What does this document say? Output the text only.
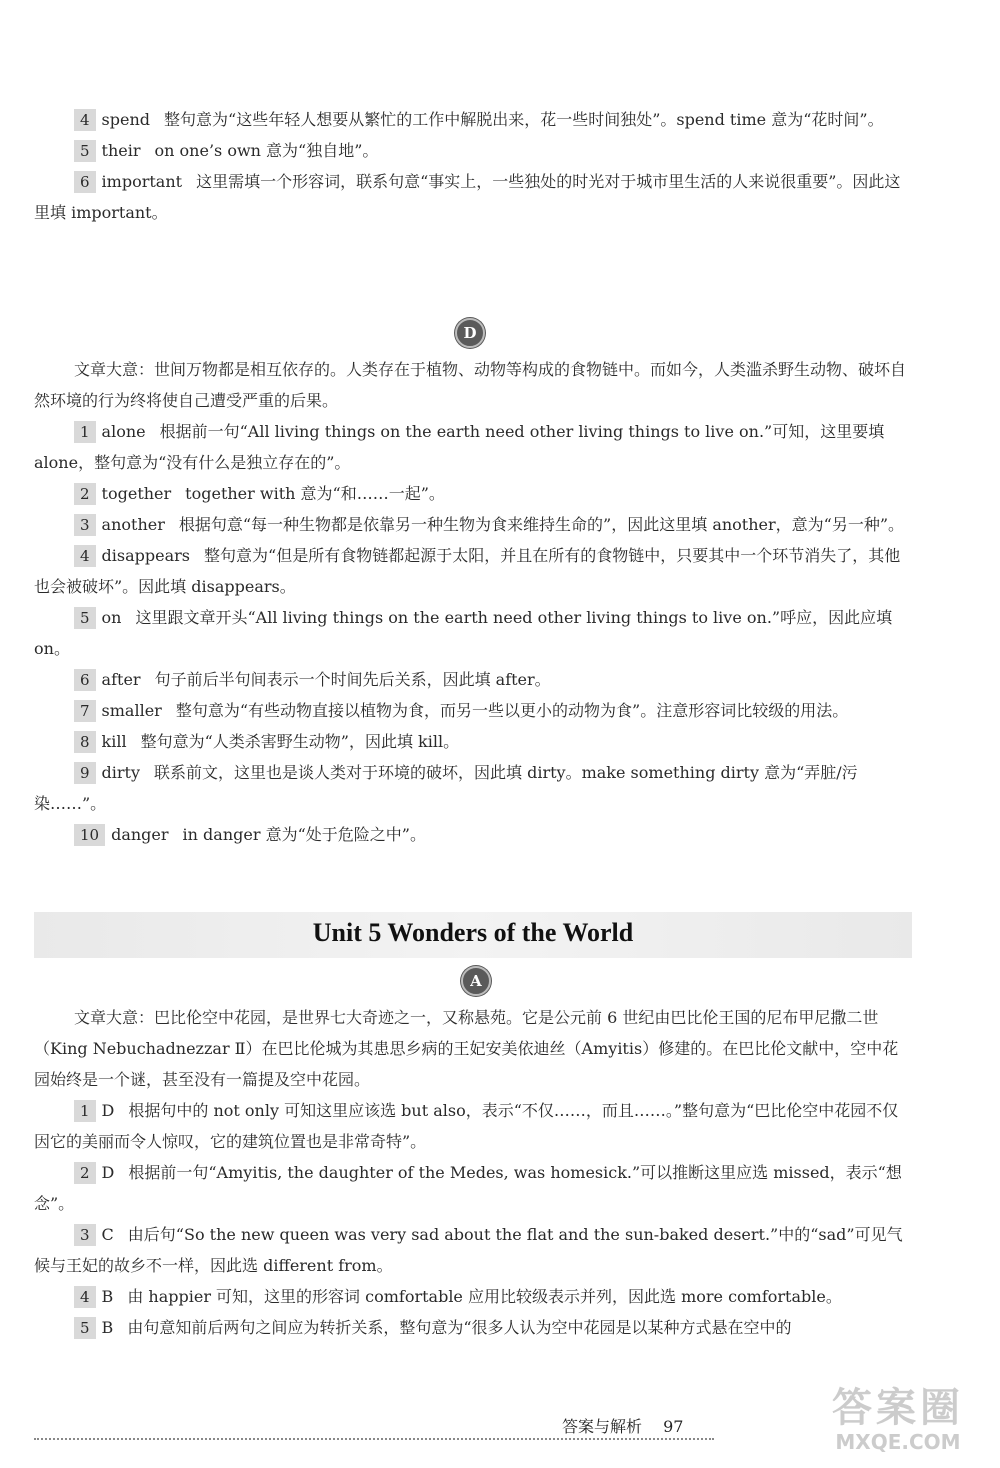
4 spend 整句意为“这些年轻人想要从繁忙的工作中解脱出来，花一些时间独处”。spend time 意为“花时间”。

5 their on one’s own 意为“独自地”。

6 important 这里需填一个形容词，联系句意“事实上，一些独处的时光对于城市里生活的人来说很重要”。因此这里填 important。

D

文章大意：世间万物都是相互依存的。人类存在于植物、动物等构成的食物链中。而如今，人类滥杀野生动物、破坏自然环境的行为终将使自己遭受严重的后果。

1 alone 根据前一句“All living things on the earth need other living things to live on.”可知，这里要填 alone，整句意为“没有什么是独立存在的”。

2 together together with 意为“和……一起”。

3 another 根据句意“每一种生物都是依靠另一种生物为食来维持生命的”，因此这里填 another，意为“另一种”。

4 disappears 整句意为“但是所有食物链都起源于太阳，并且在所有的食物链中，只要其中一个环节消失了，其他也会被破坏”。因此填 disappears。

5 on 这里跟文章开头“All living things on the earth need other living things to live on.”呼应，因此应填 on。

6 after 句子前后半句间表示一个时间先后关系，因此填 after。

7 smaller 整句意为“有些动物直接以植物为食，而另一些以更小的动物为食”。注意形容词比较级的用法。

8 kill 整句意为“人类杀害野生动物”，因此填 kill。

9 dirty 联系前文，这里也是谈人类对于环境的破坏，因此填 dirty。make something dirty 意为“弄脏/污染……”。

10 danger in danger 意为“处于危险之中”。

Unit 5 Wonders of the World
A

文章大意：巴比伦空中花园，是世界七大奇迹之一，又称悬苑。它是公元前 6 世纪由巴比伦王国的尼布甲尼撒二世（King Nebuchadnezzar Ⅱ）在巴比伦城为其患思乡病的王妃安美依迪丝（Amyitis）修建的。在巴比伦文献中，空中花园始终是一个谜，甚至没有一篇提及空中花园。

1 D 根据句中的 not only 可知这里应该选 but also，表示“不仅……，而且……。”整句意为“巴比伦空中花园不仅因它的美丽而令人惊叹，它的建筑位置也是非常奇特”。

2 D 根据前一句“Amyitis, the daughter of the Medes, was homesick.”可以推断这里应选 missed，表示“想念”。

3 C 由后句“So the new queen was very sad about the flat and the sun-baked desert.”中的“sad”可见气候与王妃的故乡不一样，因此选 different from。

4 B 由 happier 可知，这里的形容词 comfortable 应用比较级表示并列，因此选 more comfortable。

5 B 由句意知前后两句之间应为转折关系，整句意为“很多人认为空中花园是以某种方式悬在空中的

答案与解析 97	答案圈
MXQE.COM
